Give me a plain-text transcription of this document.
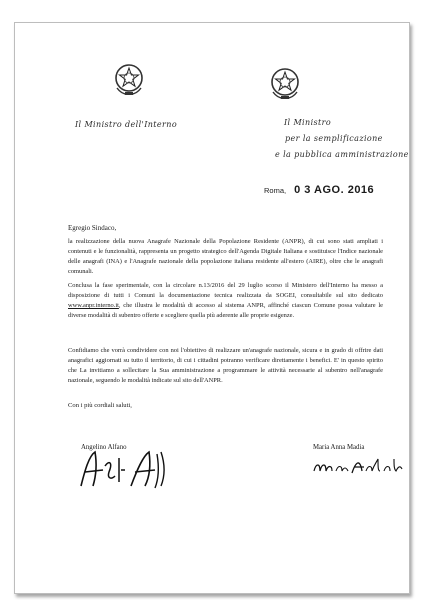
Il Ministro dell'Interno	Il Ministro
per la semplificazione
e la pubblica amministrazione
Roma, 0 3 AGO. 2016
Egregio Sindaco,
la realizzazione della nuova Anagrafe Nazionale della Popolazione Residente (ANPR), di cui sono stati ampliati i contenuti e le funzionalità, rappresenta un progetto strategico dell'Agenda Digitale Italiana e sostituisce l'Indice nazionale delle anagrafi (INA) e l'Anagrafe nazionale della popolazione italiana residente all'estero (AIRE), oltre che le anagrafi comunali.
Conclusa la fase sperimentale, con la circolare n.13/2016 del 29 luglio scorso il Ministero dell'Interno ha messo a disposizione di tutti i Comuni la documentazione tecnica realizzata da SOGEI, consultabile sul sito dedicato www.anpr.interno.it, che illustra le modalità di accesso al sistema ANPR, affinché ciascun Comune possa valutare le diverse modalità di subentro offerte e scegliere quella più aderente alle proprie esigenze.
Confidiamo che vorrà condividere con noi l'obiettivo di realizzare un'anagrafe nazionale, sicura e in grado di offrire dati anagrafici aggiornati su tutto il territorio, di cui i cittadini potranno verificare direttamente i benefici. E' in questo spirito che La invitiamo a sollecitare la Sua amministrazione a programmare le attività necessarie al subentro nell'anagrafe nazionale, seguendo le modalità indicate sul sito dell'ANPR.
Con i più cordiali saluti,
Angelino Alfano	Maria Anna Madia
